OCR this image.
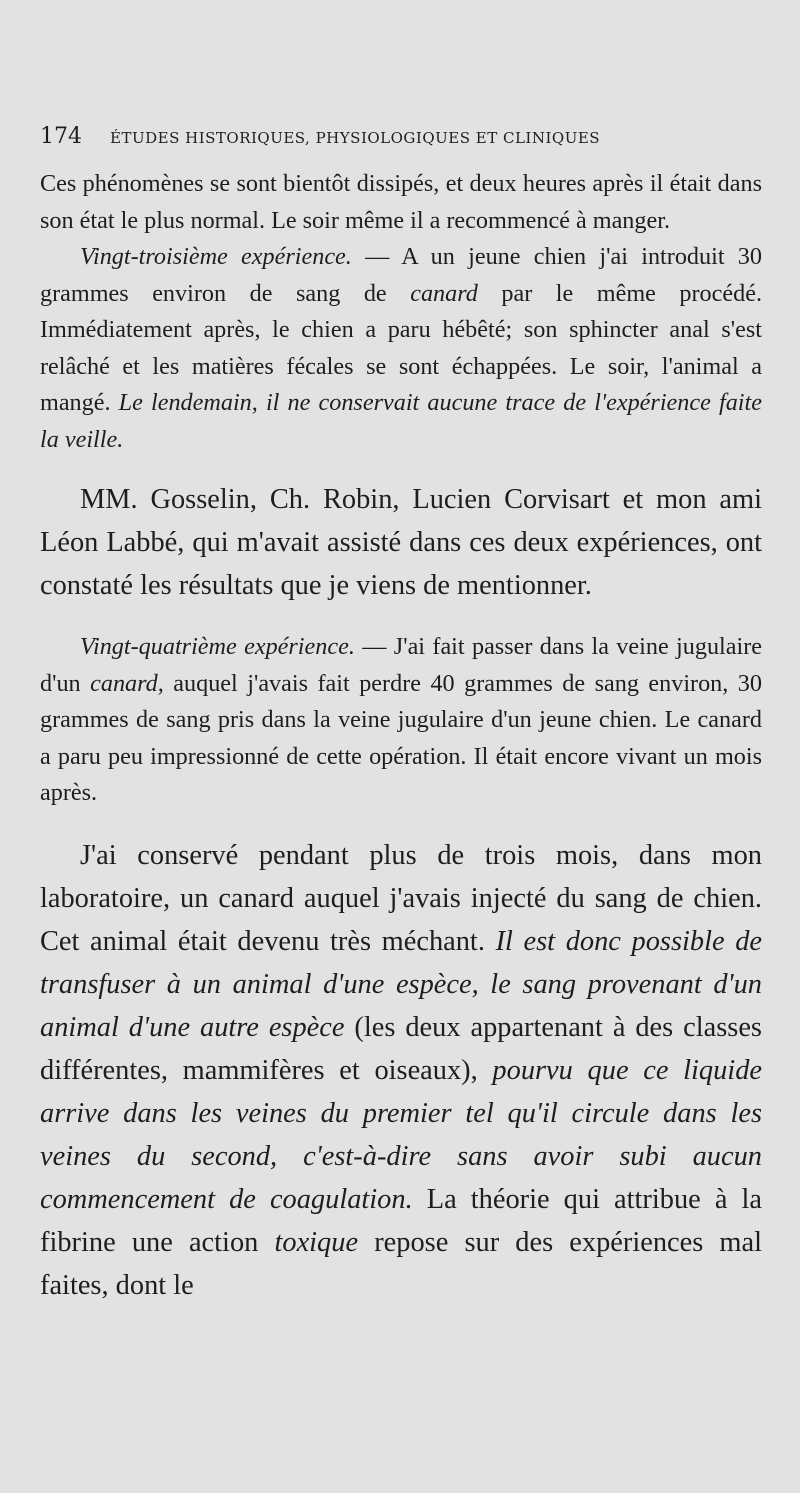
174 ÉTUDES HISTORIQUES, PHYSIOLOGIQUES ET CLINIQUES

Ces phénomènes se sont bientôt dissipés, et deux heures après il était dans son état le plus normal. Le soir même il a recommencé à manger.

Vingt-troisième expérience. — A un jeune chien j'ai introduit 30 grammes environ de sang de canard par le même procédé. Immédiatement après, le chien a paru hébêté; son sphincter anal s'est relâché et les matières fécales se sont échappées. Le soir, l'animal a mangé. Le lendemain, il ne conservait aucune trace de l'expérience faite la veille.

MM. Gosselin, Ch. Robin, Lucien Corvisart et mon ami Léon Labbé, qui m'avait assisté dans ces deux expériences, ont constaté les résultats que je viens de mentionner.

Vingt-quatrième expérience. — J'ai fait passer dans la veine jugulaire d'un canard, auquel j'avais fait perdre 40 grammes de sang environ, 30 grammes de sang pris dans la veine jugulaire d'un jeune chien. Le canard a paru peu impressionné de cette opération. Il était encore vivant un mois après.

J'ai conservé pendant plus de trois mois, dans mon laboratoire, un canard auquel j'avais injecté du sang de chien. Cet animal était devenu très méchant. Il est donc possible de transfuser à un animal d'une espèce, le sang provenant d'un animal d'une autre espèce (les deux appartenant à des classes différentes, mammifères et oiseaux), pourvu que ce liquide arrive dans les veines du premier tel qu'il circule dans les veines du second, c'est-à-dire sans avoir subi aucun commencement de coagulation. La théorie qui attribue à la fibrine une action toxique repose sur des expériences mal faites, dont le
